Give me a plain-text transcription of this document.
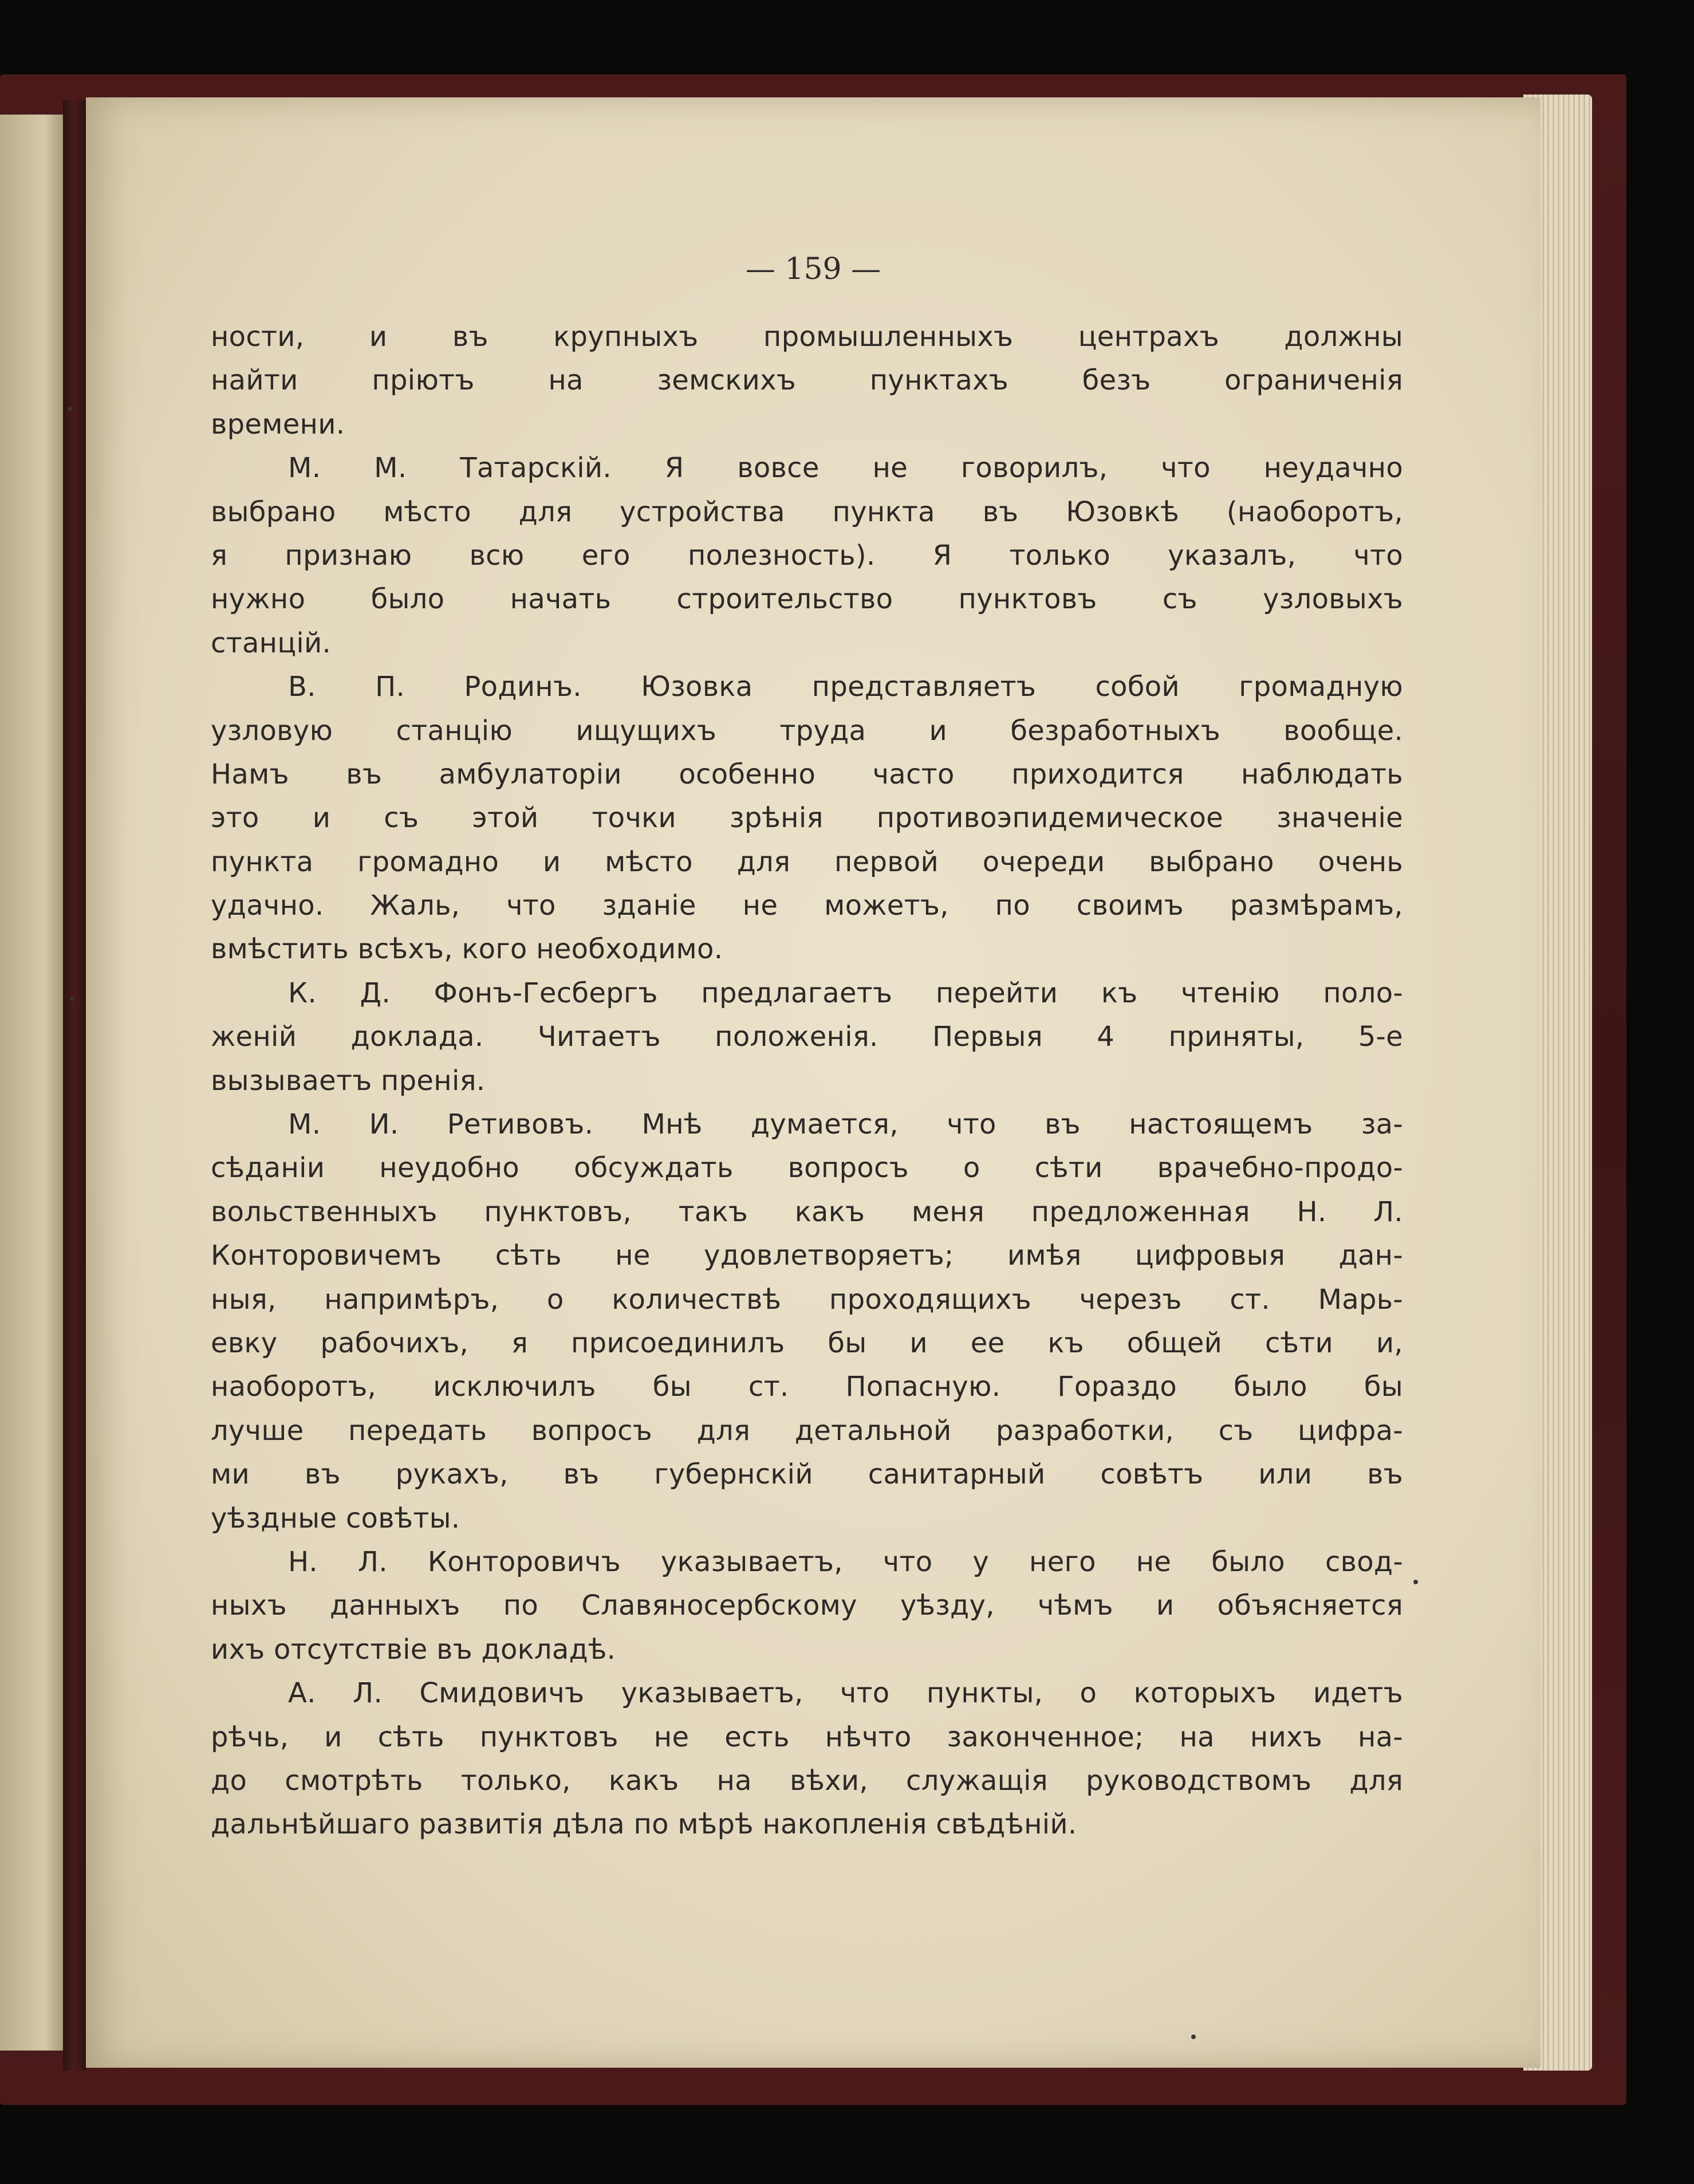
— 159 —
ности, и въ крупныхъ промышленныхъ центрахъ должны
найти прiютъ на земскихъ пунктахъ безъ ограниченiя
времени.
М. М. Татарскiй. Я вовсе не говорилъ, что неудачно
выбрано мѣсто для устройства пункта въ Юзовкѣ (наоборотъ,
я признаю всю его полезность). Я только указалъ, что
нужно было начать строительство пунктовъ съ узловыхъ
станцiй.
В. П. Родинъ. Юзовка представляетъ собой громадную
узловую станцiю ищущихъ труда и безработныхъ вообще.
Намъ въ амбулаторiи особенно часто приходится наблюдать
это и съ этой точки зрѣнiя противоэпидемическое значенiе
пункта громадно и мѣсто для первой очереди выбрано очень
удачно. Жаль, что зданiе не можетъ, по своимъ размѣрамъ,
вмѣстить всѣхъ, кого необходимо.
К. Д. Фонъ-Гесбергъ предлагаетъ перейти къ чтенiю поло-
женiй доклада. Читаетъ положенiя. Первыя 4 приняты, 5-е
вызываетъ пренiя.
М. И. Ретивовъ. Мнѣ думается, что въ настоящемъ за-
сѣданiи неудобно обсуждать вопросъ о сѣти врачебно-продо-
вольственныхъ пунктовъ, такъ какъ меня предложенная Н. Л.
Конторовичемъ сѣть не удовлетворяетъ; имѣя цифровыя дан-
ныя, напримѣръ, о количествѣ проходящихъ черезъ ст. Марь-
евку рабочихъ, я присоединилъ бы и ее къ общей сѣти и,
наоборотъ, исключилъ бы ст. Попасную. Гораздо было бы
лучше передать вопросъ для детальной разработки, съ цифра-
ми въ рукахъ, въ губернскiй санитарный совѣтъ или въ
уѣздные совѣты.
Н. Л. Конторовичъ указываетъ, что у него не было свод-
ныхъ данныхъ по Славяносербскому уѣзду, чѣмъ и объясняется
ихъ отсутствiе въ докладѣ.
А. Л. Смидовичъ указываетъ, что пункты, о которыхъ идетъ
рѣчь, и сѣть пунктовъ не есть нѣчто законченное; на нихъ на-
до смотрѣть только, какъ на вѣхи, служащiя руководствомъ для
дальнѣйшаго развитiя дѣла по мѣрѣ накопленiя свѣдѣнiй.
